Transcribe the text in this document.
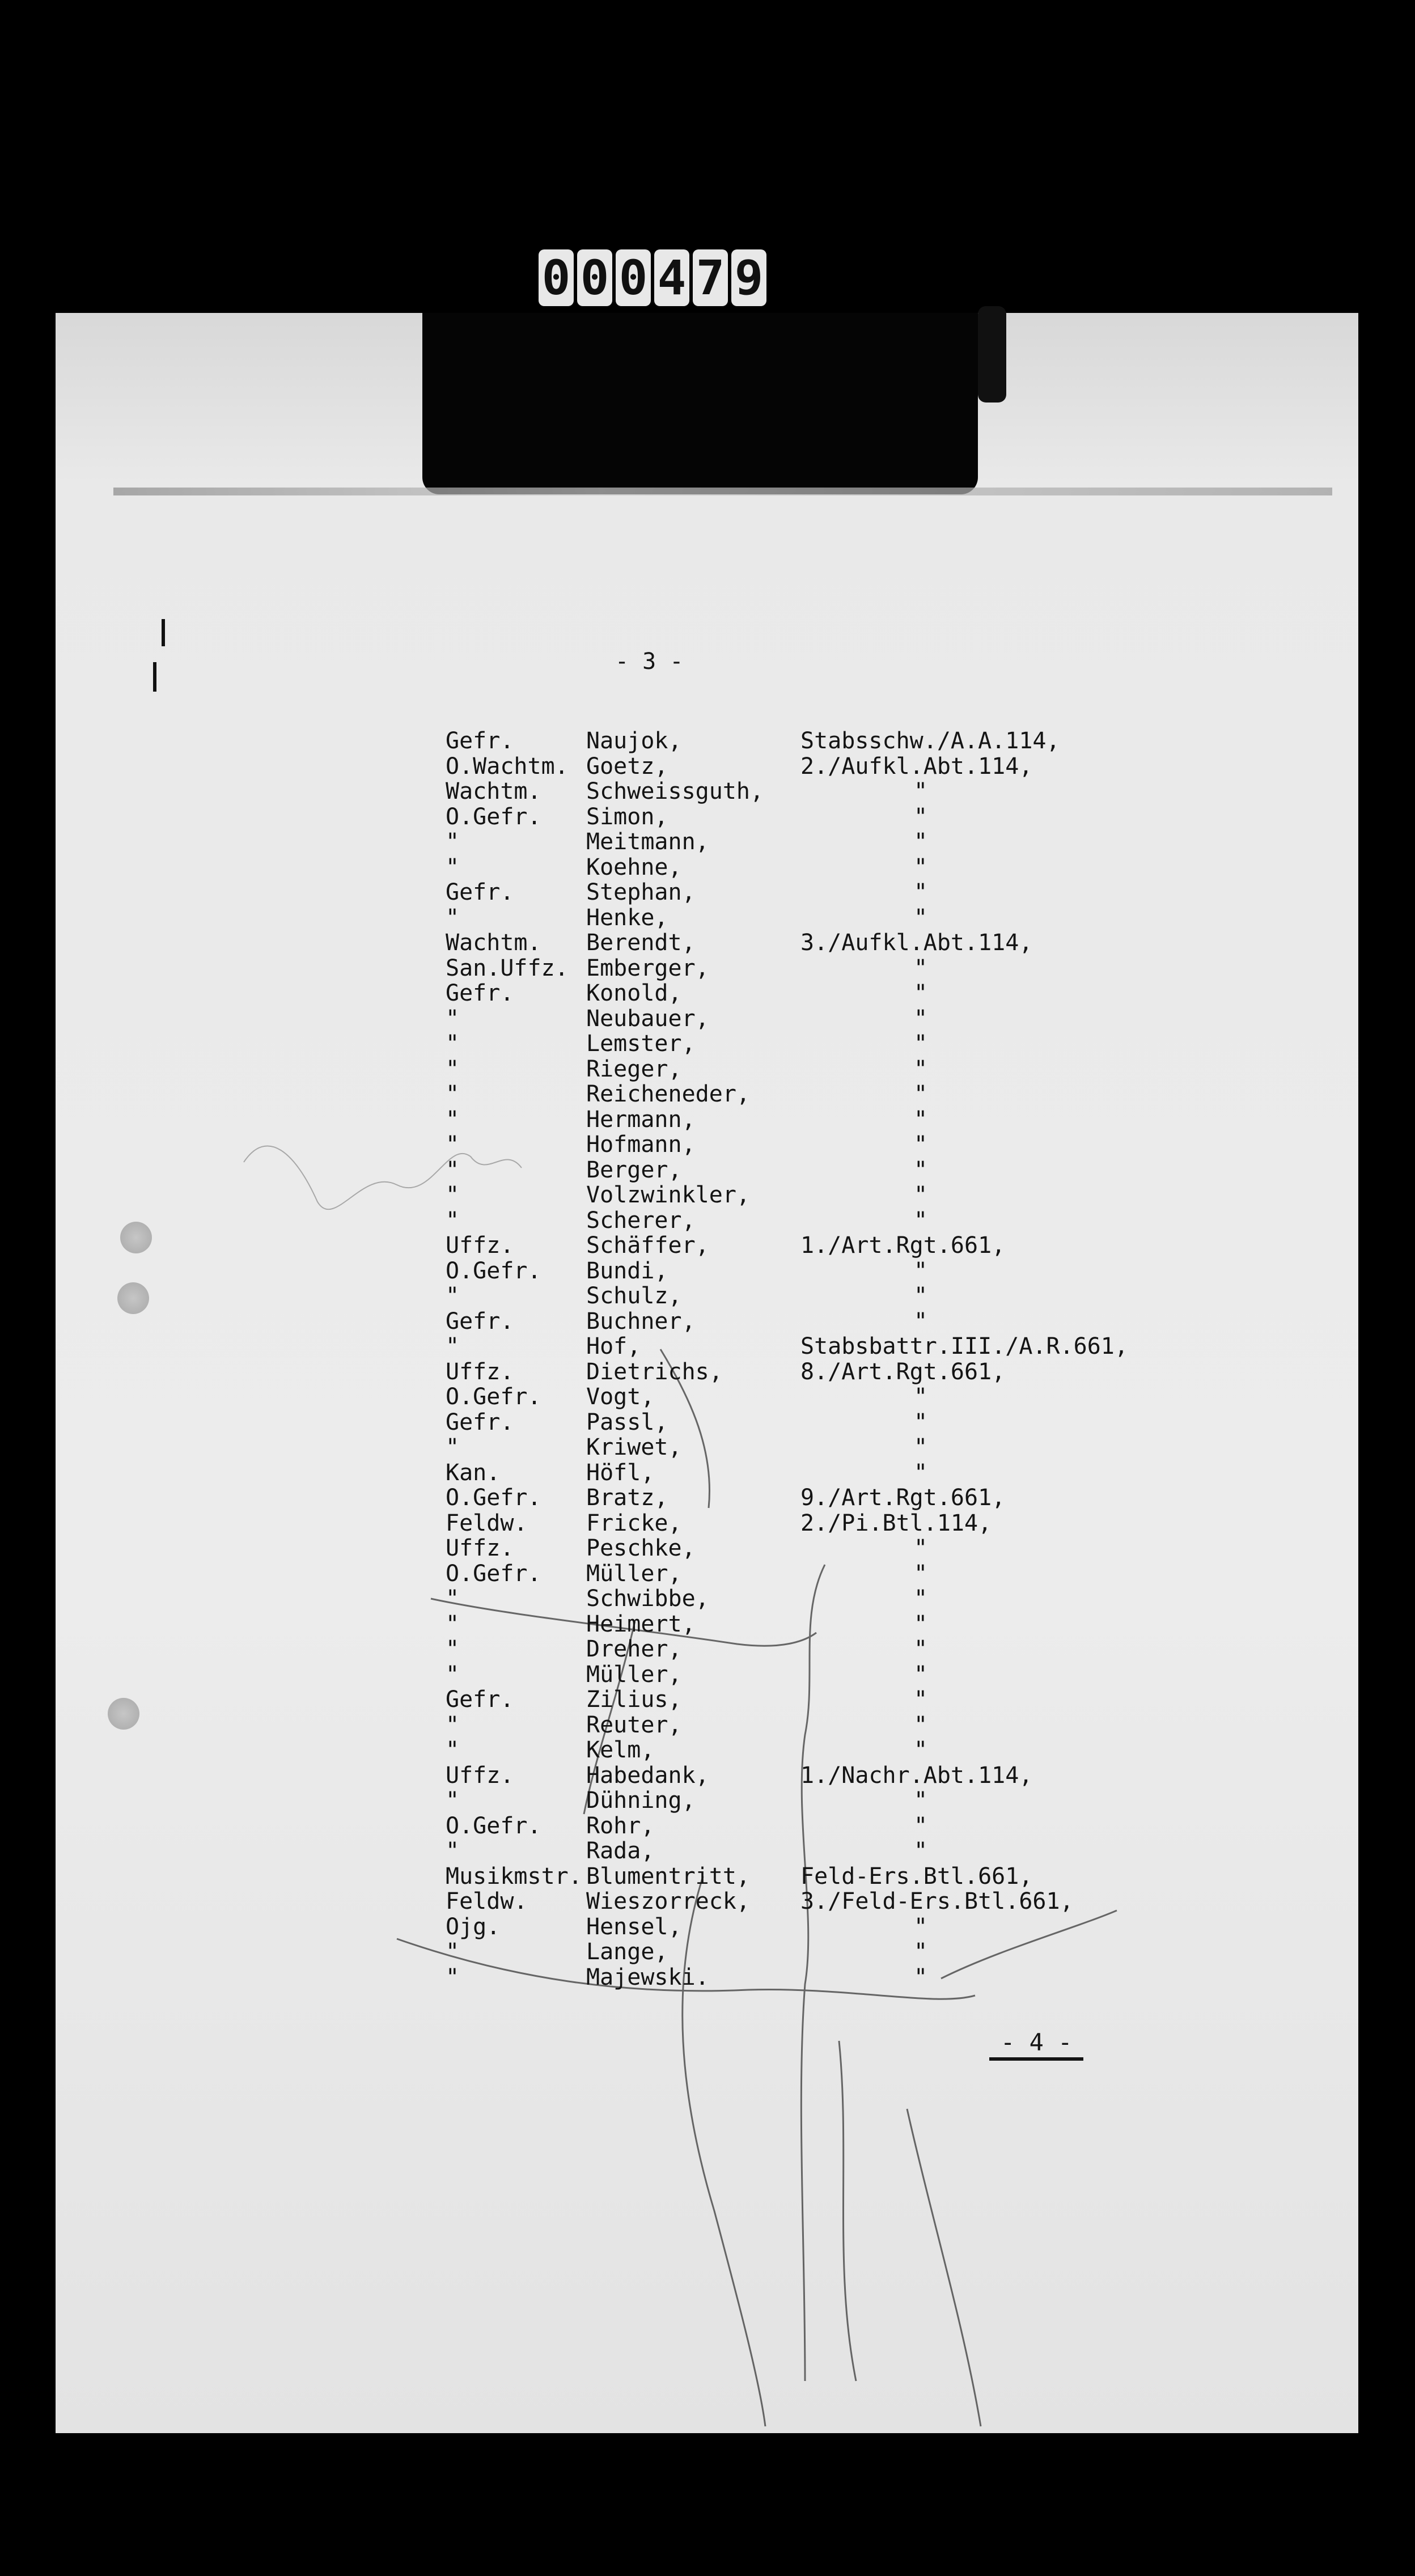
0 0 0 4 7 9
- 3 -
Gefr.
O.Wachtm.
Wachtm.
O.Gefr.
"
"
Gefr.
"
Wachtm.
San.Uffz.
Gefr.
"
"
"
"
"
"
"
"
"
Uffz.
O.Gefr.
"
Gefr.
"
Uffz.
O.Gefr.
Gefr.
"
Kan.
O.Gefr.
Feldw.
Uffz.
O.Gefr.
"
"
"
"
Gefr.
"
"
Uffz.
"
O.Gefr.
"
Musikmstr.
Feldw.
Ojg.
"
"
Naujok,
Goetz,
Schweissguth,
Simon,
Meitmann,
Koehne,
Stephan,
Henke,
Berendt,
Emberger,
Konold,
Neubauer,
Lemster,
Rieger,
Reicheneder,
Hermann,
Hofmann,
Berger,
Volzwinkler,
Scherer,
Schäffer,
Bundi,
Schulz,
Buchner,
Hof,
Dietrichs,
Vogt,
Passl,
Kriwet,
Höfl,
Bratz,
Fricke,
Peschke,
Müller,
Schwibbe,
Heimert,
Dreher,
Müller,
Zilius,
Reuter,
Kelm,
Habedank,
Dühning,
Rohr,
Rada,
Blumentritt,
Wieszorreck,
Hensel,
Lange,
Majewski.
Stabsschw./A.A.114,
2./Aufkl.Abt.114,
"
"
"
"
"
"
3./Aufkl.Abt.114,
"
"
"
"
"
"
"
"
"
"
"
1./Art.Rgt.661,
"
"
"
Stabsbattr.III./A.R.661,
8./Art.Rgt.661,
"
"
"
"
9./Art.Rgt.661,
2./Pi.Btl.114,
"
"
"
"
"
"
"
"
"
1./Nachr.Abt.114,
"
"
"
Feld-Ers.Btl.661,
3./Feld-Ers.Btl.661,
"
"
"
- 4 -
